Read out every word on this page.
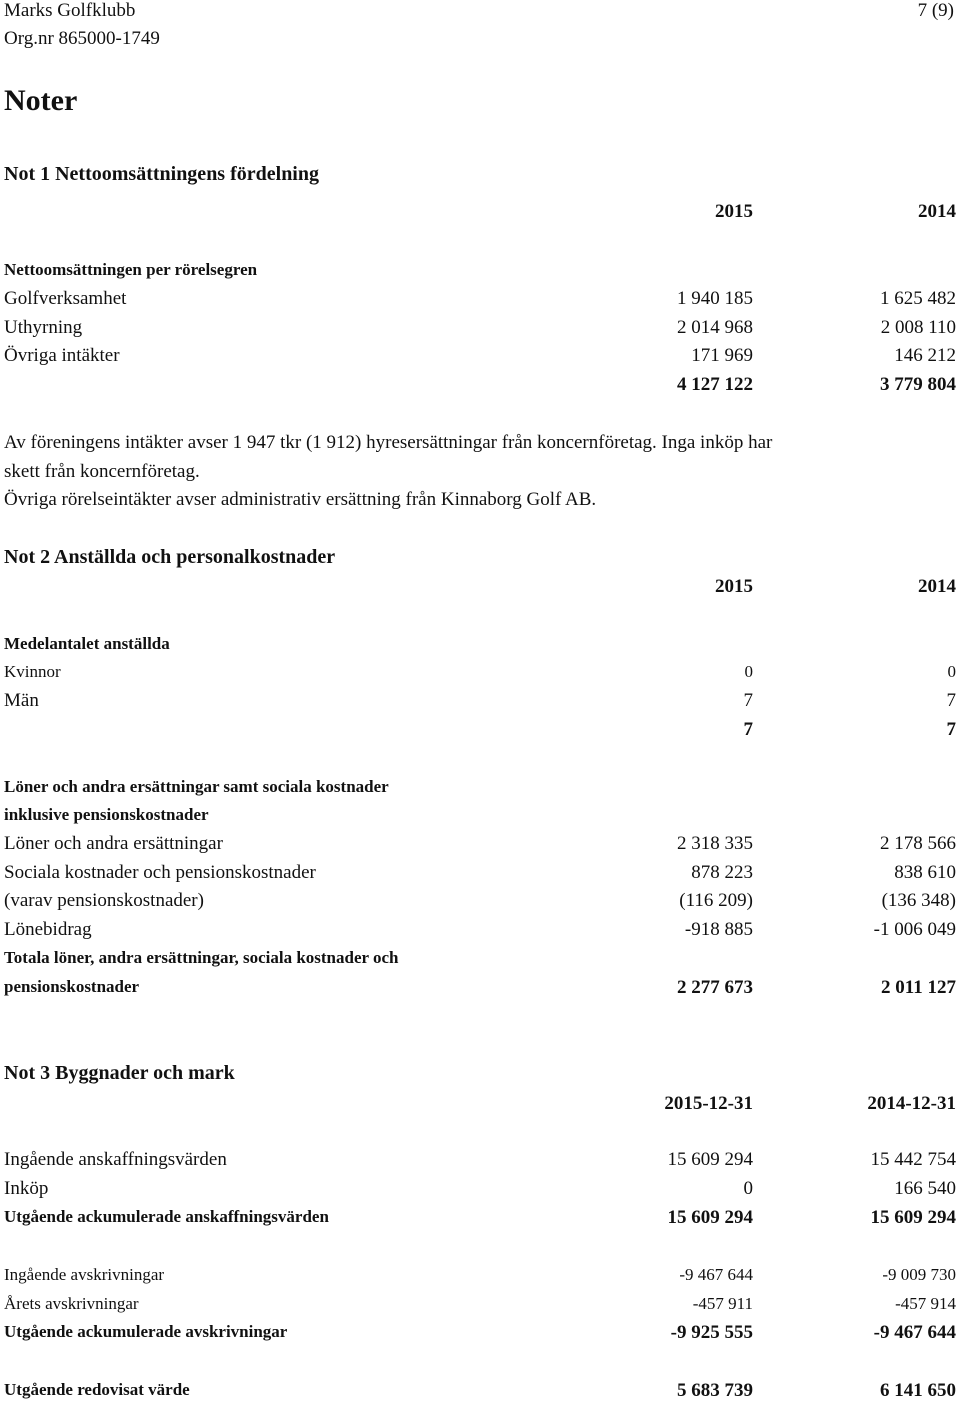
Marks Golfklubb
Org.nr 865000-1749
7 (9)
Noter
Not 1 Nettoomsättningens fördelning
2015	2014
Nettoomsättningen per rörelsegren
Golfverksamhet	1 940 185	1 625 482
Uthyrning	2 014 968	2 008 110
Övriga intäkter	171 969	146 212
4 127 122	3 779 804
Av föreningens intäkter avser 1 947 tkr (1 912) hyresersättningar från koncernföretag. Inga inköp har
skett från koncernföretag.
Övriga rörelseintäkter avser administrativ ersättning från Kinnaborg Golf AB.
Not 2 Anställda och personalkostnader
2015	2014
Medelantalet anställda
Kvinnor	0	0
Män	7	7
7	7
Löner och andra ersättningar samt sociala kostnader
inklusive pensionskostnader
Löner och andra ersättningar	2 318 335	2 178 566
Sociala kostnader och pensionskostnader	878 223	838 610
(varav pensionskostnader)	(116 209)	(136 348)
Lönebidrag	-918 885	-1 006 049
Totala löner, andra ersättningar, sociala kostnader och
pensionskostnader	2 277 673	2 011 127
Not 3 Byggnader och mark
2015-12-31	2014-12-31
Ingående anskaffningsvärden	15 609 294	15 442 754
Inköp	0	166 540
Utgående ackumulerade anskaffningsvärden	15 609 294	15 609 294
Ingående avskrivningar	-9 467 644	-9 009 730
Årets avskrivningar	-457 911	-457 914
Utgående ackumulerade avskrivningar	-9 925 555	-9 467 644
Utgående redovisat värde	5 683 739	6 141 650
